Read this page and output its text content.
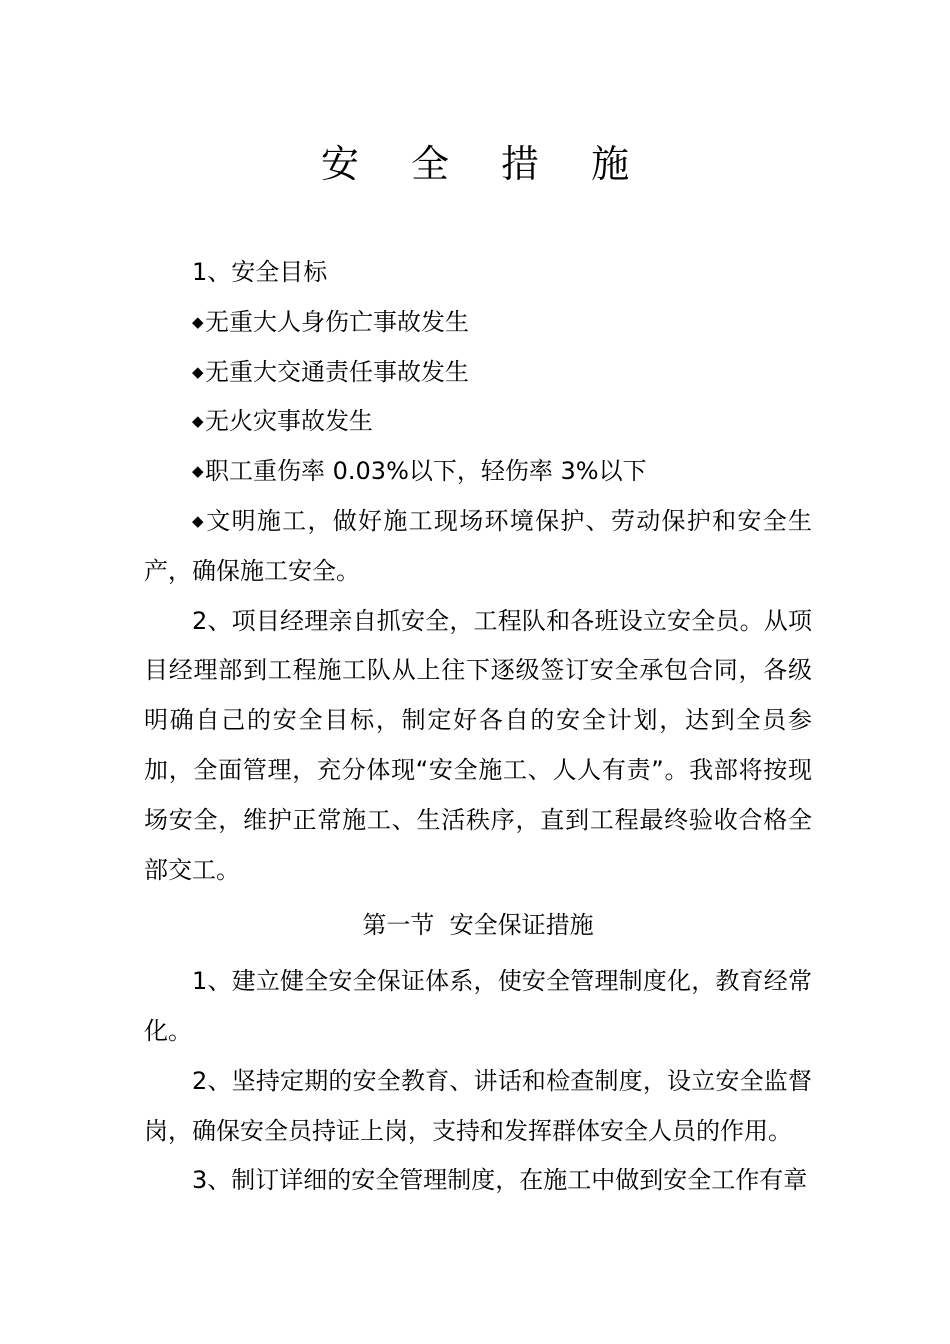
安 全 措 施

1、安全目标

◆无重大人身伤亡事故发生

◆无重大交通责任事故发生

◆无火灾事故发生

◆职工重伤率 0.03%以下，轻伤率 3%以下

◆文明施工，做好施工现场环境保护、劳动保护和安全生产，确保施工安全。

2、项目经理亲自抓安全，工程队和各班设立安全员。从项目经理部到工程施工队从上往下逐级签订安全承包合同，各级明确自己的安全目标，制定好各自的安全计划，达到全员参加，全面管理，充分体现“安全施工、人人有责”。我部将按现场安全，维护正常施工、生活秩序，直到工程最终验收合格全部交工。

第一节  安全保证措施

1、建立健全安全保证体系，使安全管理制度化，教育经常化。

2、坚持定期的安全教育、讲话和检查制度，设立安全监督岗，确保安全员持证上岗，支持和发挥群体安全人员的作用。

3、制订详细的安全管理制度，在施工中做到安全工作有章
